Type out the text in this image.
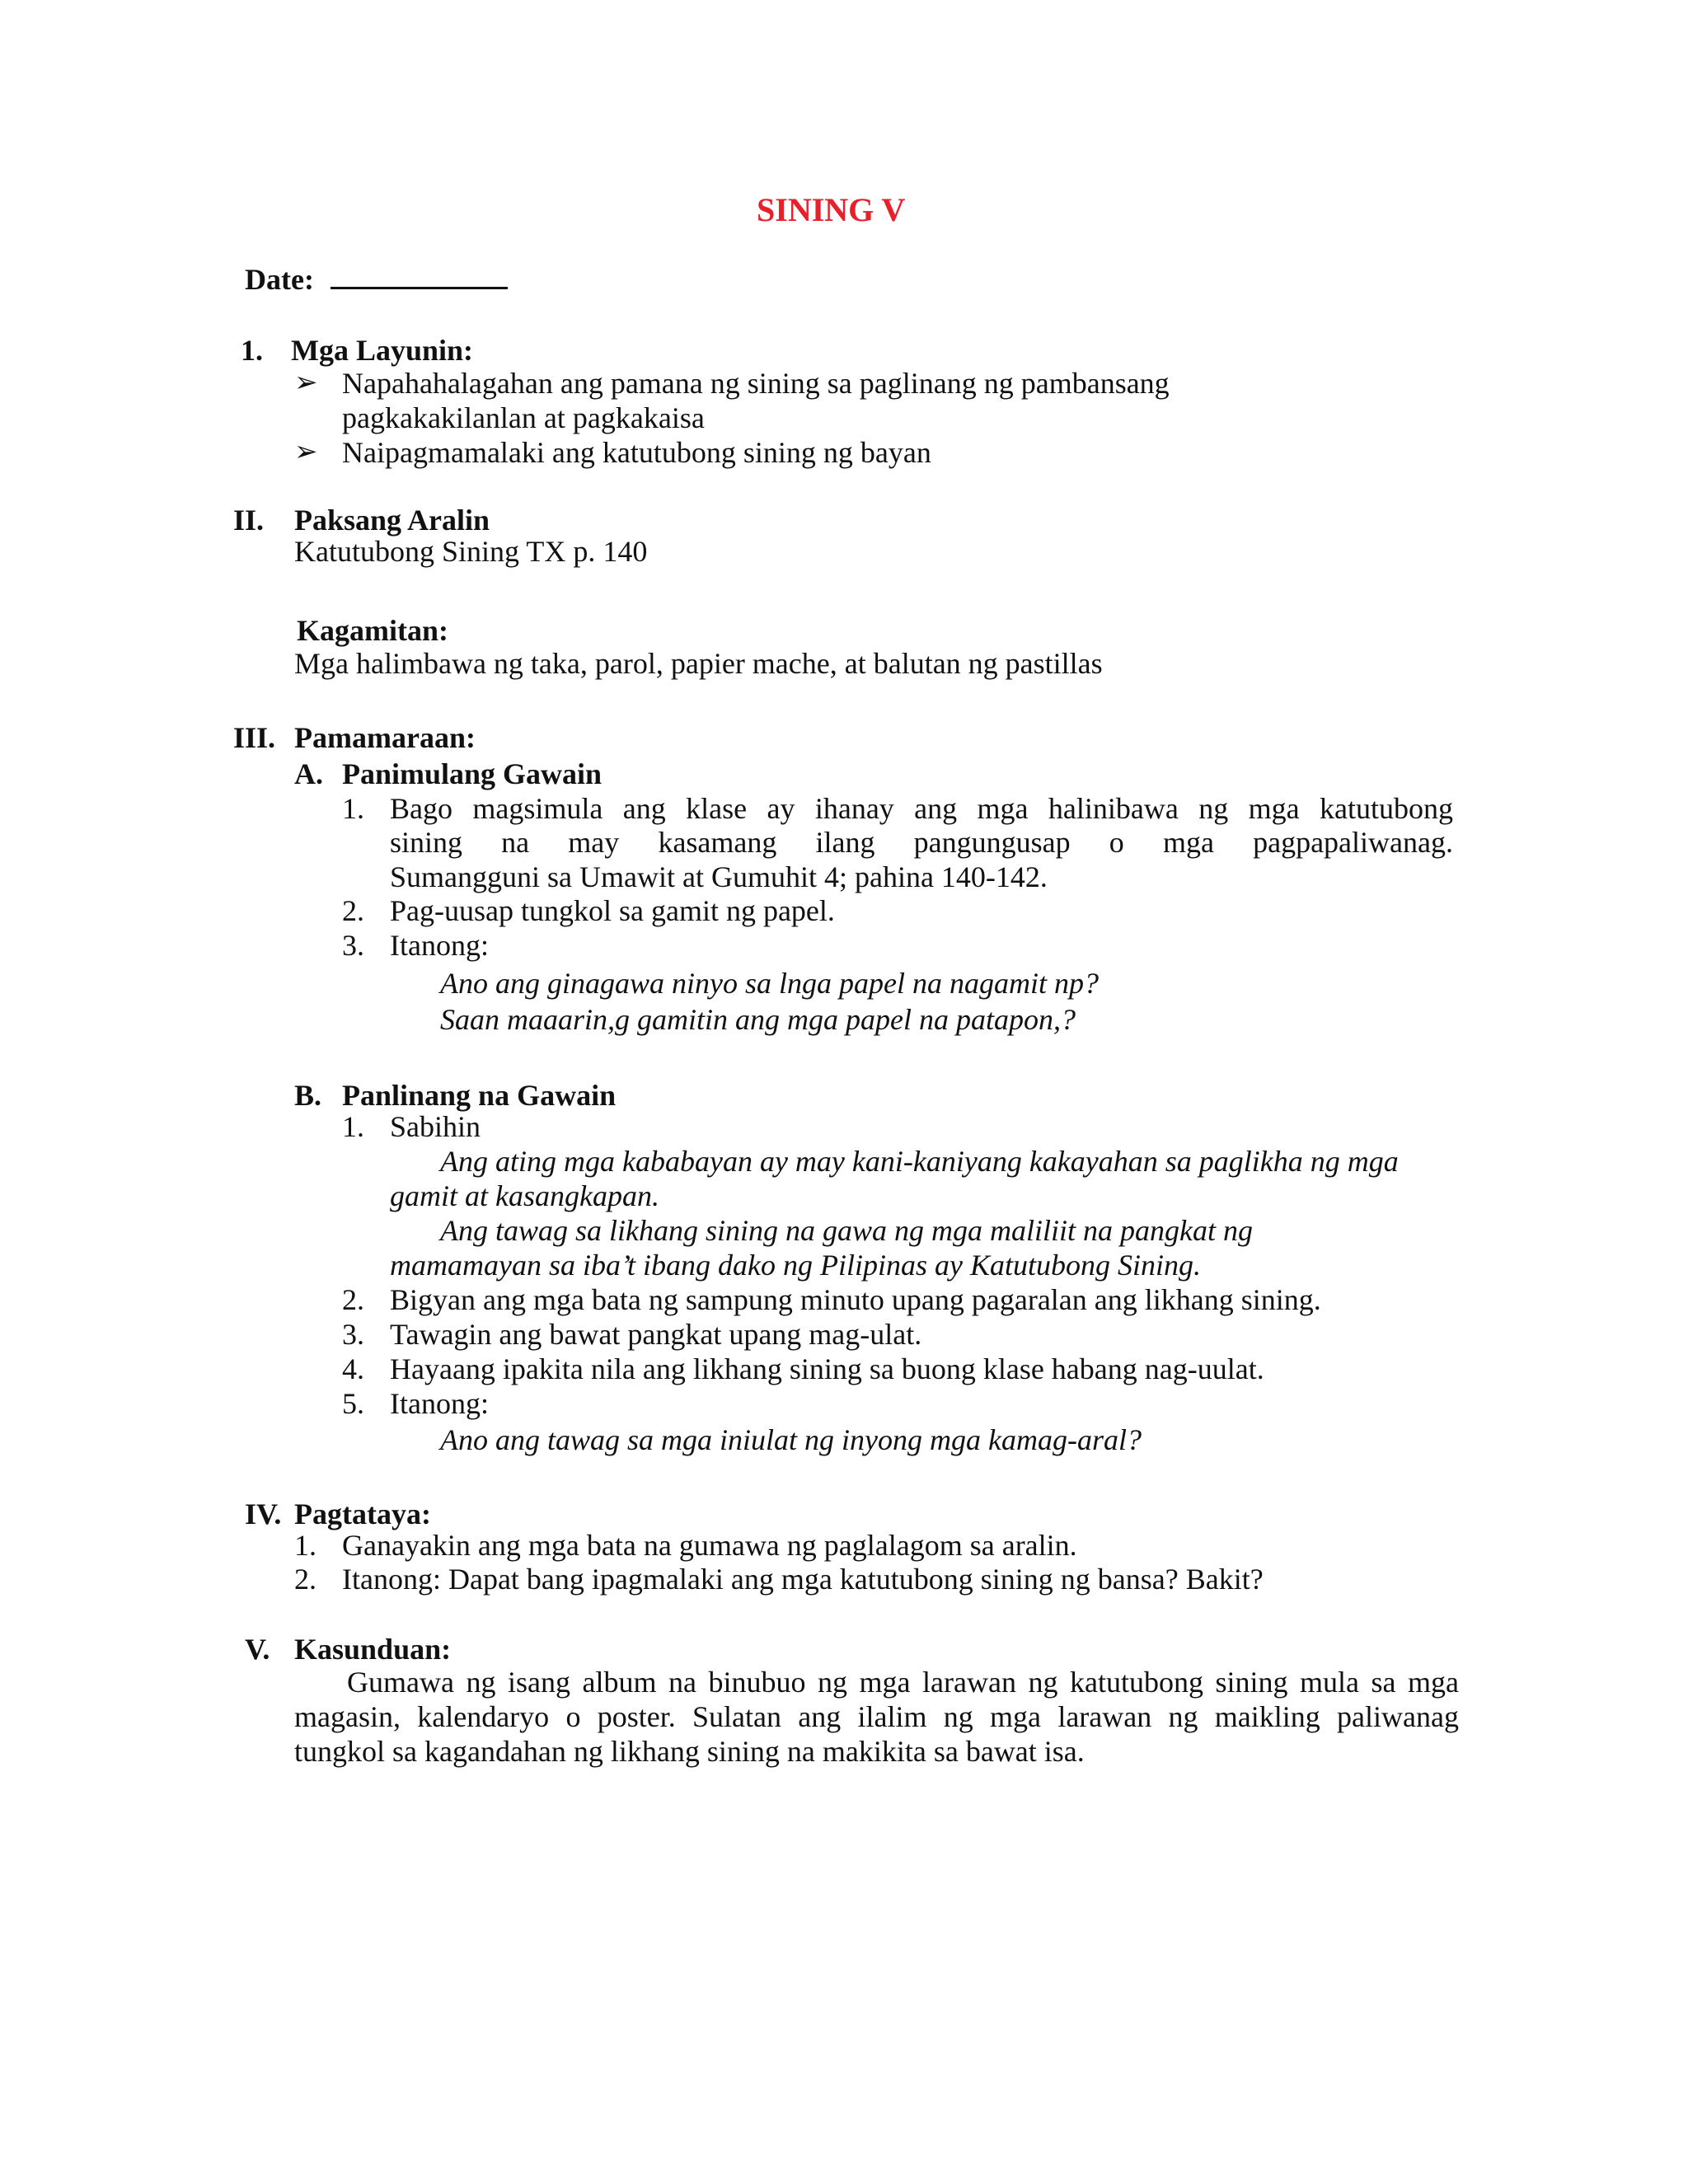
SINING V
Date:
1. Mga Layunin:
➢ Napahahalagahan ang pamana ng sining sa paglinang ng pambansang
pagkakakilanlan at pagkakaisa
➢ Naipagmamalaki ang katutubong sining ng bayan
II. Paksang Aralin
Katutubong Sining TX p. 140
Kagamitan:
Mga halimbawa ng taka, parol, papier mache, at balutan ng pastillas
III. Pamamaraan:
A. Panimulang Gawain
1. Bago magsimula ang klase ay ihanay ang mga halinibawa ng mga katutubong
sining na may kasamang ilang pangungusap o mga pagpapaliwanag.
Sumangguni sa Umawit at Gumuhit 4; pahina 140-142.
2. Pag-uusap tungkol sa gamit ng papel.
3. Itanong:
Ano ang ginagawa ninyo sa lnga papel na nagamit np?
Saan maaarin,g gamitin ang mga papel na patapon,?
B. Panlinang na Gawain
1. Sabihin
Ang ating mga kababayan ay may kani-kaniyang kakayahan sa paglikha ng mga
gamit at kasangkapan.
Ang tawag sa likhang sining na gawa ng mga maliliit na pangkat ng
mamamayan sa iba’t ibang dako ng Pilipinas ay Katutubong Sining.
2. Bigyan ang mga bata ng sampung minuto upang pagaralan ang likhang sining.
3. Tawagin ang bawat pangkat upang mag-ulat.
4. Hayaang ipakita nila ang likhang sining sa buong klase habang nag-uulat.
5. Itanong:
Ano ang tawag sa mga iniulat ng inyong mga kamag-aral?
IV. Pagtataya:
1. Ganayakin ang mga bata na gumawa ng paglalagom sa aralin.
2. Itanong: Dapat bang ipagmalaki ang mga katutubong sining ng bansa? Bakit?
V. Kasunduan:
Gumawa ng isang album na binubuo ng mga larawan ng katutubong sining mula sa mga
magasin, kalendaryo o poster. Sulatan ang ilalim ng mga larawan ng maikling paliwanag
tungkol sa kagandahan ng likhang sining na makikita sa bawat isa.
